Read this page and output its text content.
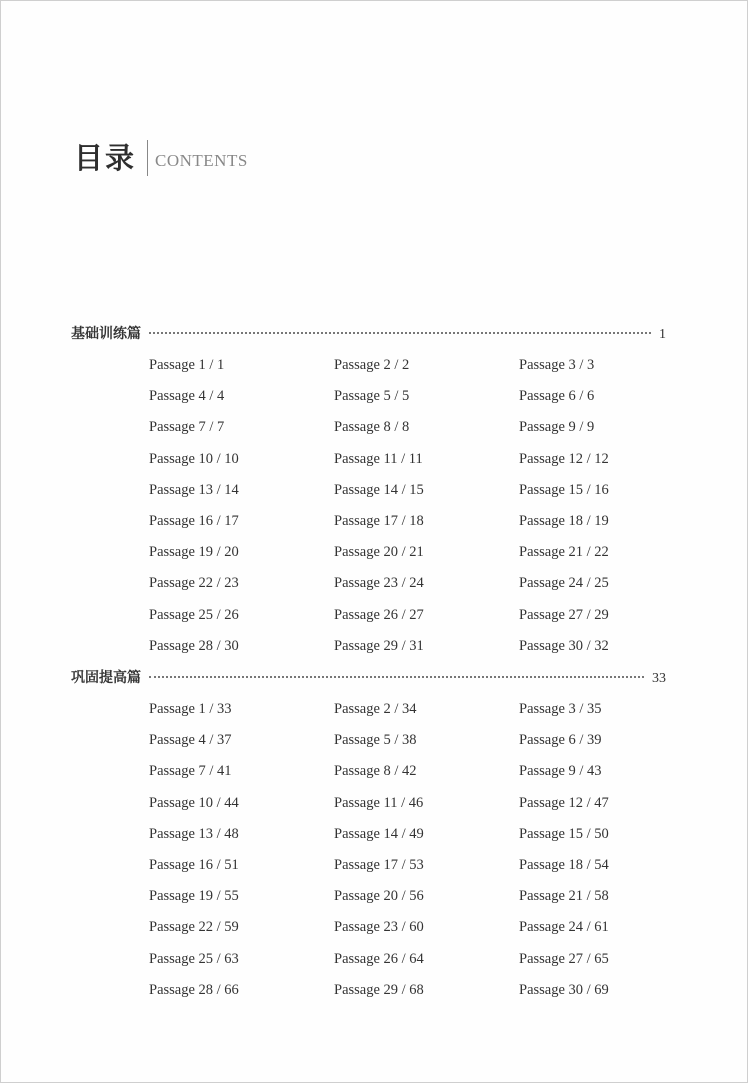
目录 CONTENTS
基础训练篇	1
Passage 1 / 1	Passage 2 / 2	Passage 3 / 3
Passage 4 / 4	Passage 5 / 5	Passage 6 / 6
Passage 7 / 7	Passage 8 / 8	Passage 9 / 9
Passage 10 / 10	Passage 11 / 11	Passage 12 / 12
Passage 13 / 14	Passage 14 / 15	Passage 15 / 16
Passage 16 / 17	Passage 17 / 18	Passage 18 / 19
Passage 19 / 20	Passage 20 / 21	Passage 21 / 22
Passage 22 / 23	Passage 23 / 24	Passage 24 / 25
Passage 25 / 26	Passage 26 / 27	Passage 27 / 29
Passage 28 / 30	Passage 29 / 31	Passage 30 / 32
巩固提高篇	33
Passage 1 / 33	Passage 2 / 34	Passage 3 / 35
Passage 4 / 37	Passage 5 / 38	Passage 6 / 39
Passage 7 / 41	Passage 8 / 42	Passage 9 / 43
Passage 10 / 44	Passage 11 / 46	Passage 12 / 47
Passage 13 / 48	Passage 14 / 49	Passage 15 / 50
Passage 16 / 51	Passage 17 / 53	Passage 18 / 54
Passage 19 / 55	Passage 20 / 56	Passage 21 / 58
Passage 22 / 59	Passage 23 / 60	Passage 24 / 61
Passage 25 / 63	Passage 26 / 64	Passage 27 / 65
Passage 28 / 66	Passage 29 / 68	Passage 30 / 69
